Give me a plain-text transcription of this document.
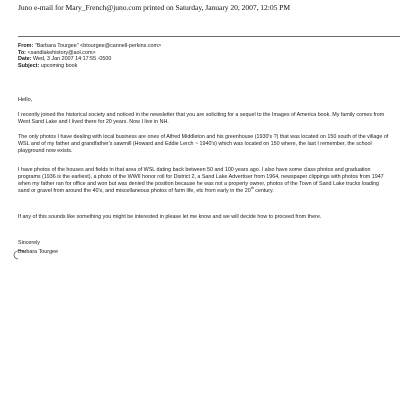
Juno e-mail for Mary_French@juno.com printed on Saturday, January 20, 2007, 12:05 PM
From: "Barbara Tourgee" <btourgee@cannell-perkins.com>
To: <sandlakehistory@aol.com>
Date: Wed, 3 Jan 2007 14:17:55 -0500
Subject: upcoming book
Hello,
I recently joined the historical society and noticed in the newsletter that you are soliciting for a sequel to the Images of America book. My family comes from West Sand Lake and I lived there for 20 years. Now I live in NH.
The only photos I have dealing with local business are ones of Alfred Middleton and his greenhouse (1930's ?) that was located on 150 south of the village of WSL and of my father and grandfather's sawmill (Howard and Eddie Lerch ~ 1940's) which was located on 150 where, the last I remember, the school playground now exists.
I have photos of the houses and fields in that area of WSL dating back between 50 and 100 years ago. I also have some class photos and graduation programs (1936 is the earliest), a photo of the WWII honor roll for District 2, a Sand Lake Advertiser from 1964, newspaper clippings with photos from 1947 when my father ran for office and won but was denied the position because he was not a property owner, photos of the Town of Sand Lake trucks loading sand or gravel from around the 40's, and miscellaneous photos of farm life, etc from early in the 20th century.
If any of this sounds like something you might be interested in please let me know and we will decide how to proceed from there.
Sincerely
Barbara Tourgee
